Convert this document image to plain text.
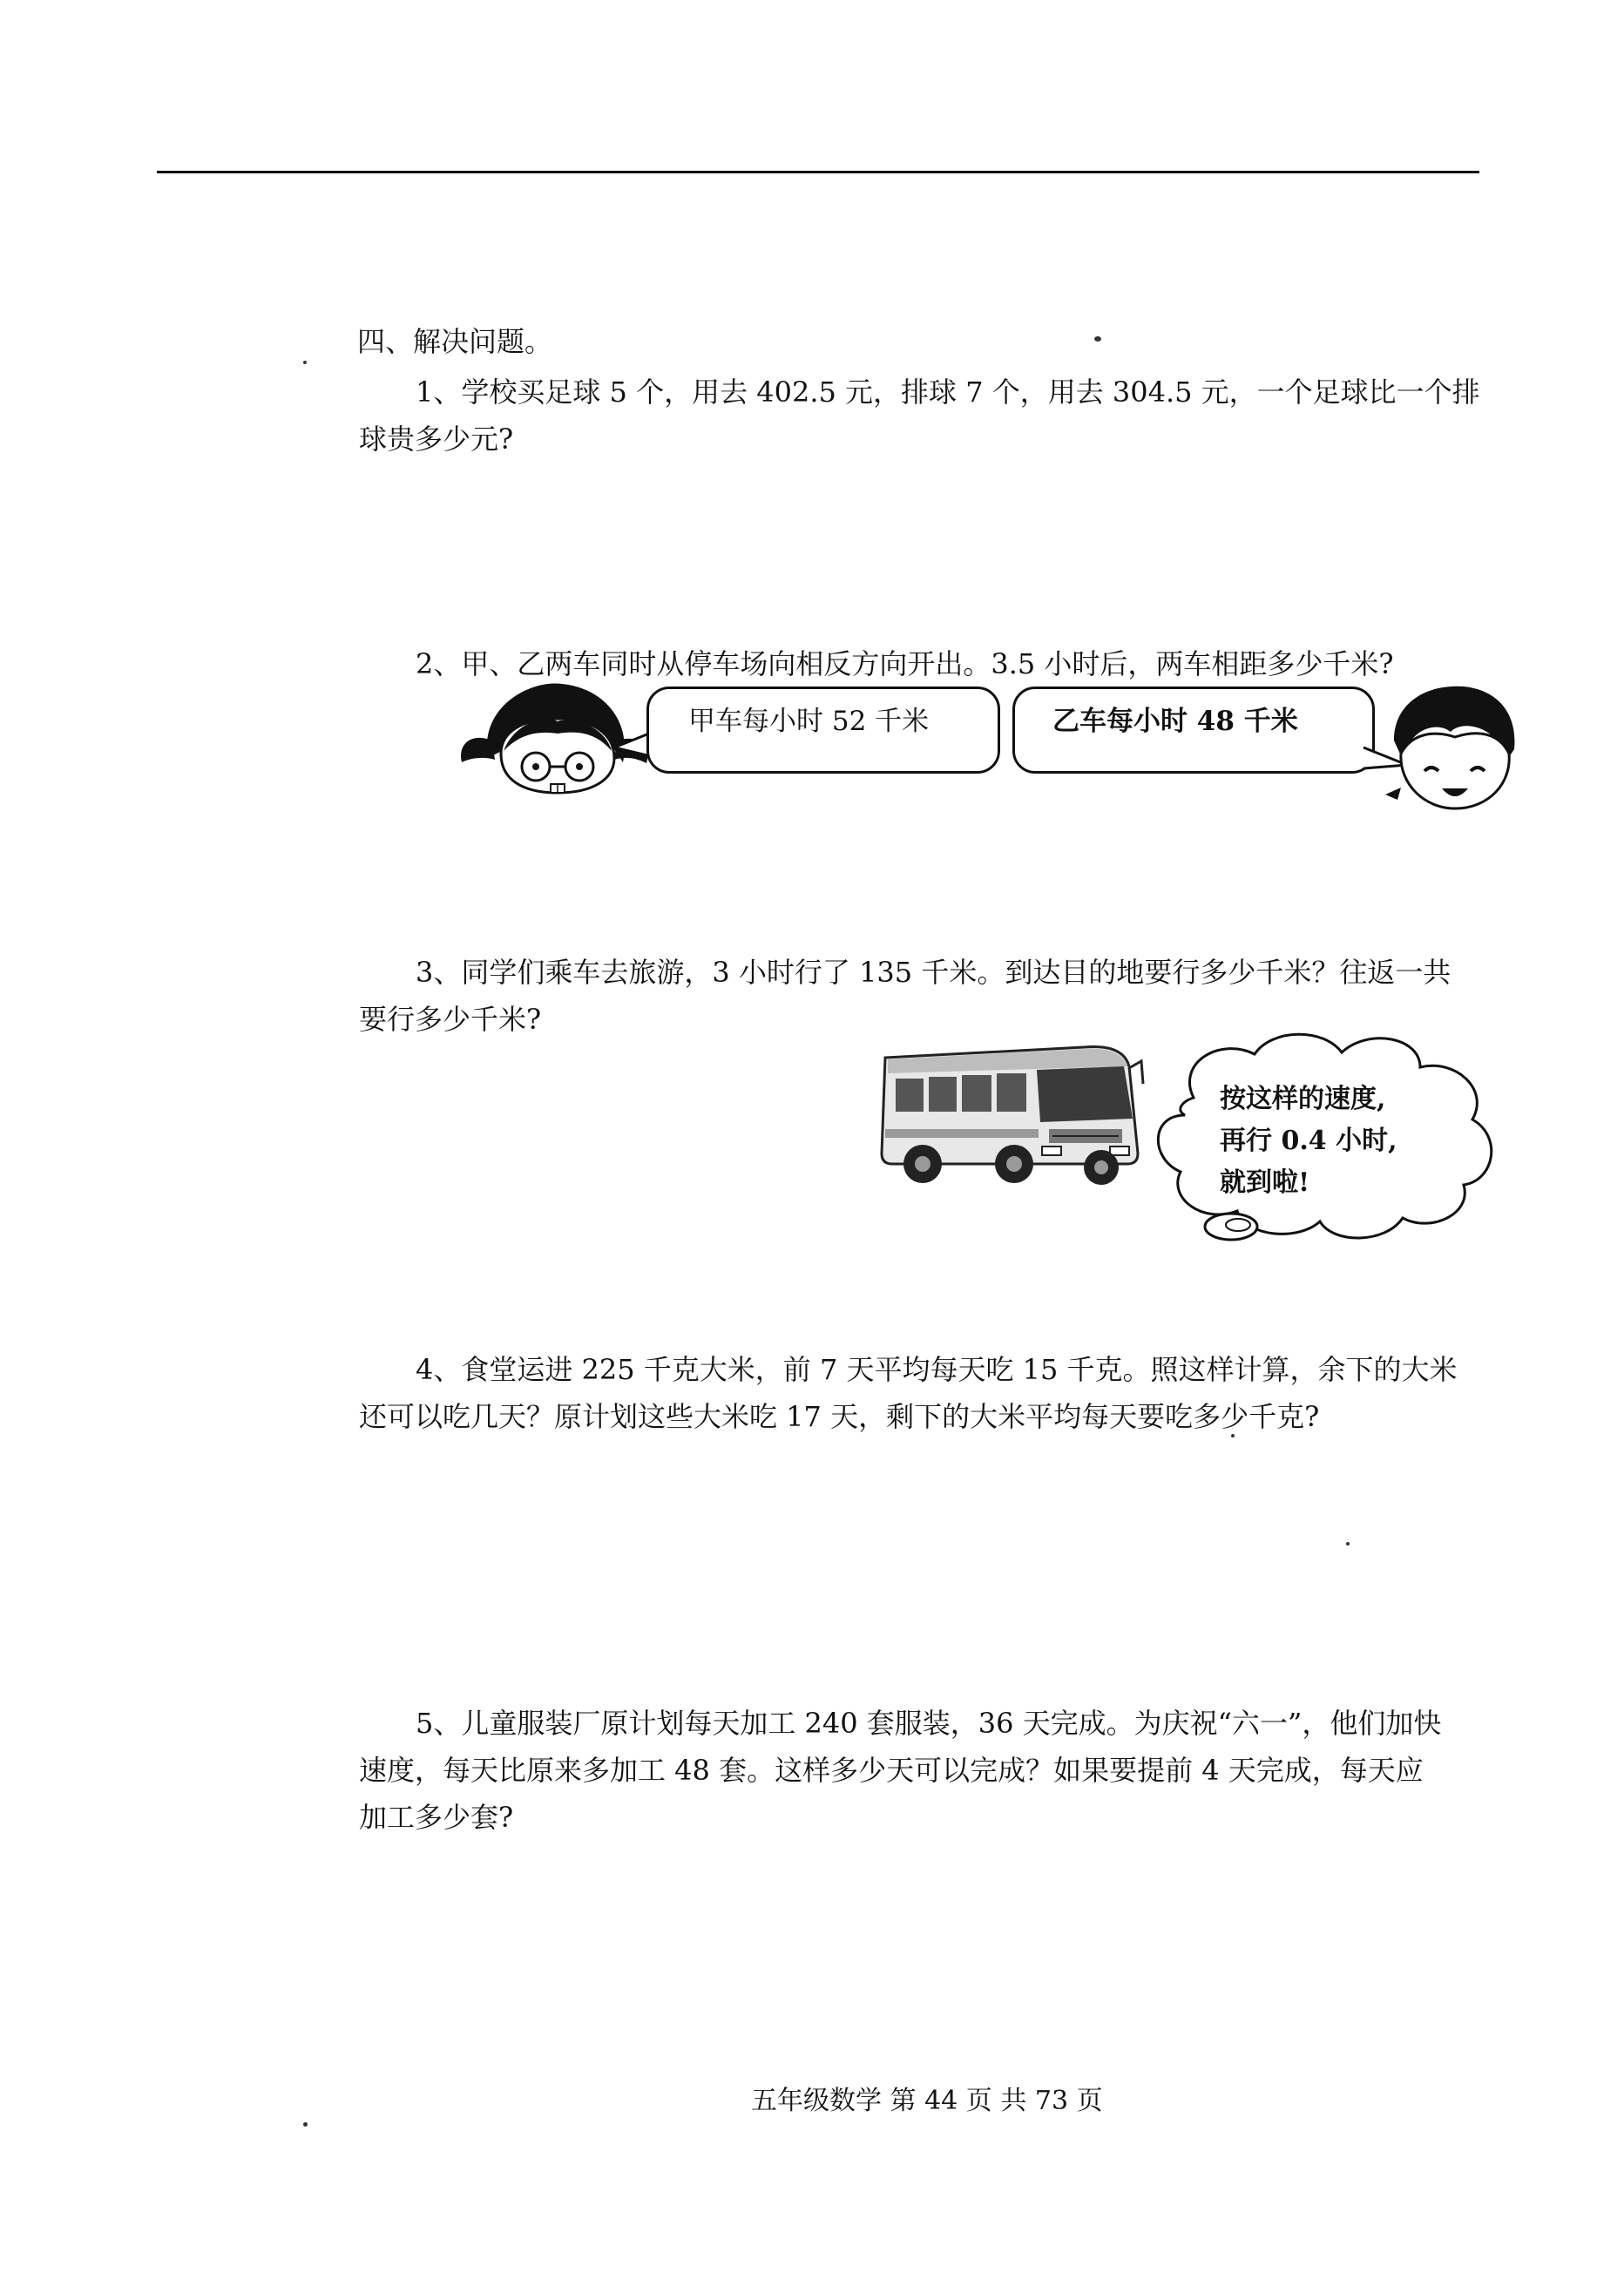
四、解决问题。
1、学校买足球 5 个，用去 402.5 元，排球 7 个，用去 304.5 元，一个足球比一个排
球贵多少元?
2、甲、乙两车同时从停车场向相反方向开出。3.5 小时后，两车相距多少千米?
甲车每小时 52 千米	乙车每小时 48 千米
3、同学们乘车去旅游，3 小时行了 135 千米。到达目的地要行多少千米？往返一共
要行多少千米?
按这样的速度,
再行 0.4 小时,
就到啦!
4、食堂运进 225 千克大米，前 7 天平均每天吃 15 千克。照这样计算，余下的大米
还可以吃几天？原计划这些大米吃 17 天，剩下的大米平均每天要吃多少千克?
5、儿童服装厂原计划每天加工 240 套服装，36 天完成。为庆祝“六一”，他们加快
速度，每天比原来多加工 48 套。这样多少天可以完成？如果要提前 4 天完成，每天应
加工多少套?
五年级数学 第 44 页 共 73 页
